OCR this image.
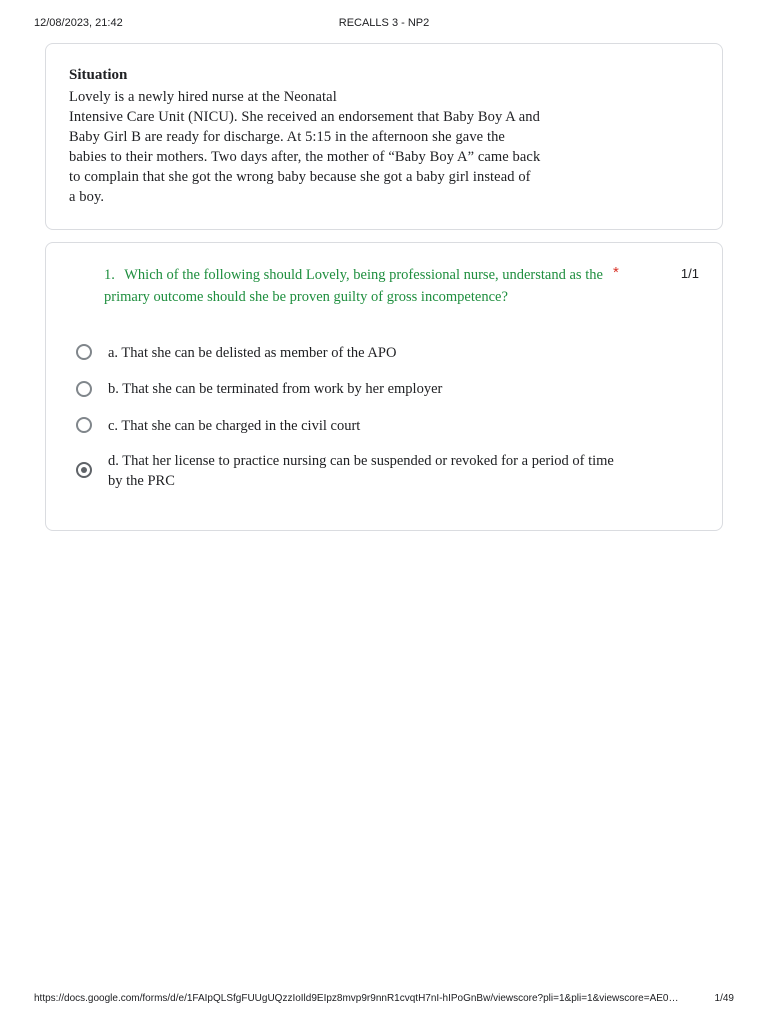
12/08/2023, 21:42	RECALLS 3 - NP2
Situation
Lovely is a newly hired nurse at the Neonatal
Intensive Care Unit (NICU). She received an endorsement that Baby Boy A and
Baby Girl B are ready for discharge. At 5:15 in the afternoon she gave the
babies to their mothers. Two days after, the mother of “Baby Boy A” came back
to complain that she got the wrong baby because she got a baby girl instead of
a boy.
1. Which of the following should Lovely, being professional nurse, understand as the primary outcome should she be proven guilty of gross incompetence?
*	1/1
a. That she can be delisted as member of the APO
b. That she can be terminated from work by her employer
c. That she can be charged in the civil court
d. That her license to practice nursing can be suspended or revoked for a period of time by the PRC
https://docs.google.com/forms/d/e/1FAIpQLSfgFUUgUQzzIoIld9EIpz8mvp9r9nnR1cvqtH7nI-hIPoGnBw/viewscore?pli=1&pli=1&viewscore=AE0…	1/49
